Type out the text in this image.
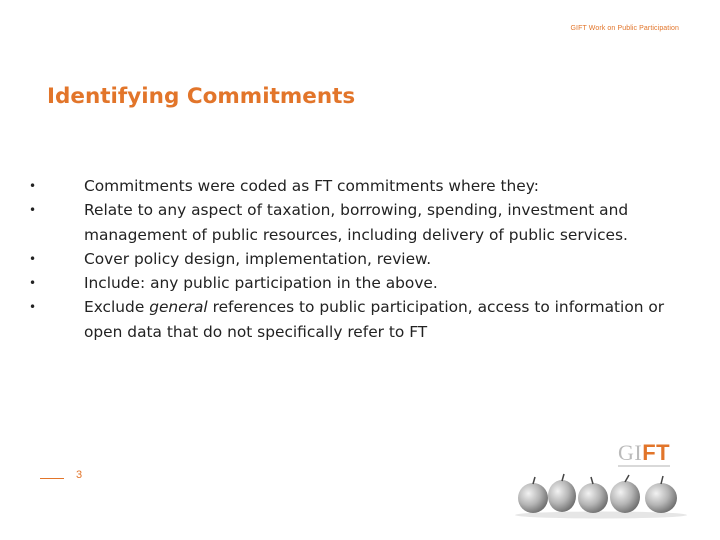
GIFT Work on Public Participation
Identifying Commitments
•	Commitments were coded as FT commitments where they:
•	Relate to any aspect of taxation, borrowing, spending, investment and management of public resources, including delivery of public services.
•	Cover policy design, implementation, review.
•	Include: any public participation in the above.
•	Exclude general references to public participation, access to information or open data that do not specifically refer to FT
3
GIFT
